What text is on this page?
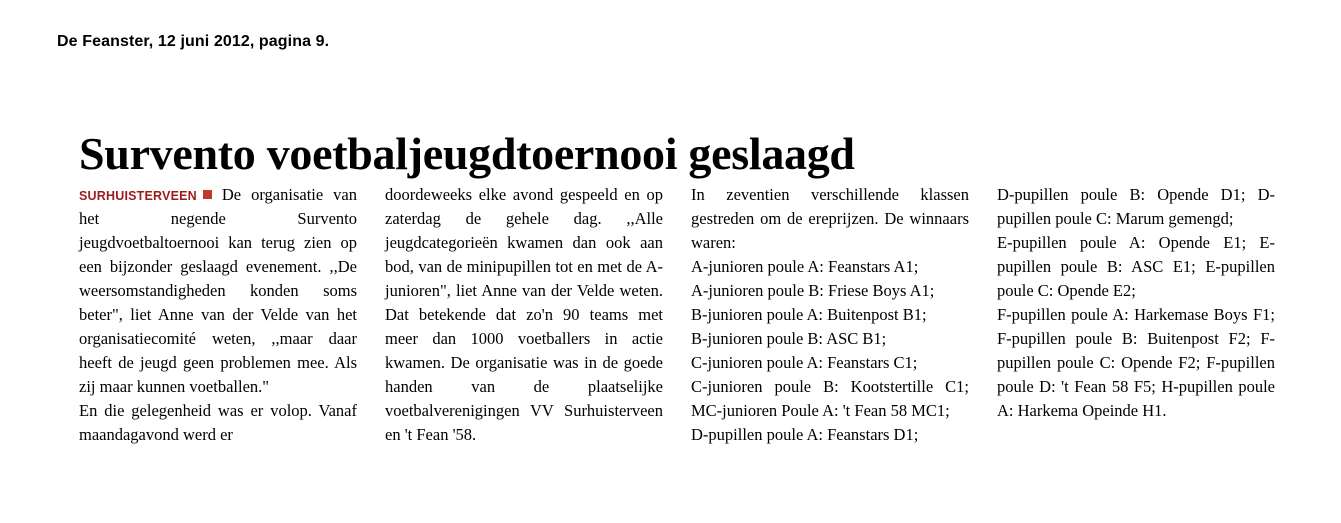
De Feanster, 12 juni 2012, pagina 9.
Survento voetbaljeugdtoernooi geslaagd

SURHUISTERVEEN De organisatie van het negende Survento jeugdvoetbaltoernooi kan terug zien op een bijzonder geslaagd evenement. ,,De weersomstandigheden konden soms beter", liet Anne van der Velde van het organisatiecomité weten, ,,maar daar heeft de jeugd geen problemen mee. Als zij maar kunnen voetballen."

En die gelegenheid was er volop. Vanaf maandagavond werd er

doordeweeks elke avond gespeeld en op zaterdag de gehele dag. ,,Alle jeugdcategorieën kwamen dan ook aan bod, van de minipupillen tot en met de A-junioren", liet Anne van der Velde weten. Dat betekende dat zo'n 90 teams met meer dan 1000 voetballers in actie kwamen. De organisatie was in de goede handen van de plaatselijke voetbalverenigingen VV Surhuisterveen en 't Fean '58.

In zeventien verschillende klassen gestreden om de ereprijzen. De winnaars waren:

A-junioren poule A: Feanstars A1;

A-junioren poule B: Friese Boys A1;

B-junioren poule A: Buitenpost B1;

B-junioren poule B: ASC B1;

C-junioren poule A: Feanstars C1;

C-junioren poule B: Kootstertille C1; MC-junioren Poule A: 't Fean 58 MC1;

D-pupillen poule A: Feanstars D1;

D-pupillen poule B: Opende D1; D-pupillen poule C: Marum gemengd;

E-pupillen poule A: Opende E1; E-pupillen poule B: ASC E1; E-pupillen poule C: Opende E2;

F-pupillen poule A: Harkemase Boys F1; F-pupillen poule B: Buitenpost F2; F-pupillen poule C: Opende F2; F-pupillen poule D: 't Fean 58 F5; H-pupillen poule A: Harkema Opeinde H1.
